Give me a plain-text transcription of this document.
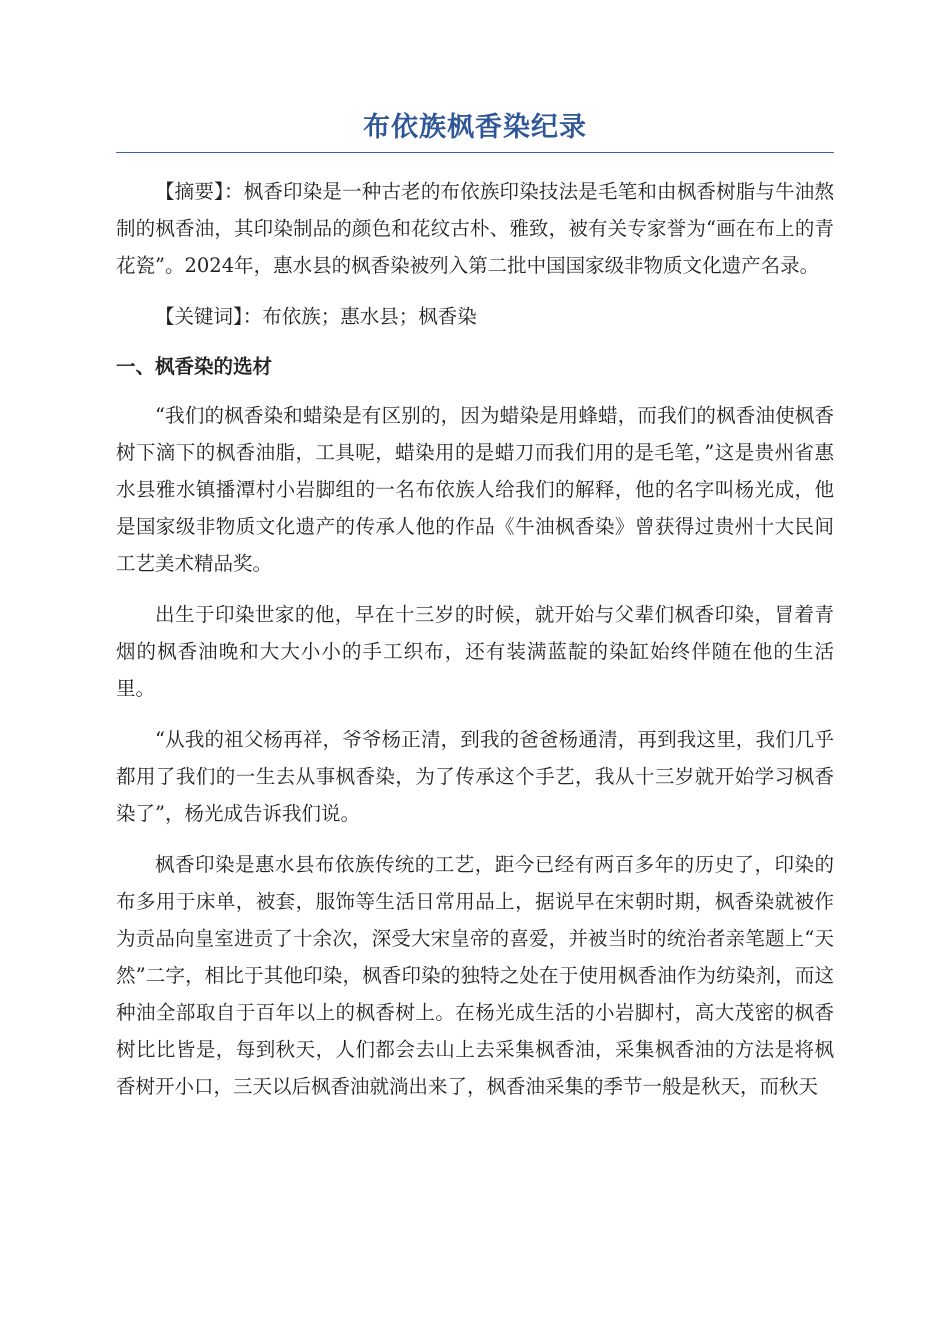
布依族枫香染纪录

【摘要】：枫香印染是一种古老的布依族印染技法是毛笔和由枫香树脂与牛油熬制的枫香油，其印染制品的颜色和花纹古朴、雅致，被有关专家誉为“画在布上的青花瓷”。2024年，惠水县的枫香染被列入第二批中国国家级非物质文化遗产名录。

【关键词】：布依族；惠水县；枫香染

一、枫香染的选材

“我们的枫香染和蜡染是有区别的，因为蜡染是用蜂蜡，而我们的枫香油使枫香树下滴下的枫香油脂，工具呢，蜡染用的是蜡刀而我们用的是毛笔，”这是贵州省惠水县雅水镇播潭村小岩脚组的一名布依族人给我们的解释，他的名字叫杨光成，他是国家级非物质文化遗产的传承人他的作品《牛油枫香染》曾获得过贵州十大民间工艺美术精品奖。

出生于印染世家的他，早在十三岁的时候，就开始与父辈们枫香印染，冒着青烟的枫香油晚和大大小小的手工织布，还有装满蓝靛的染缸始终伴随在他的生活里。

“从我的祖父杨再祥，爷爷杨正清，到我的爸爸杨通清，再到我这里，我们几乎都用了我们的一生去从事枫香染，为了传承这个手艺，我从十三岁就开始学习枫香染了”，杨光成告诉我们说。

枫香印染是惠水县布依族传统的工艺，距今已经有两百多年的历史了，印染的布多用于床单，被套，服饰等生活日常用品上，据说早在宋朝时期，枫香染就被作为贡品向皇室进贡了十余次，深受大宋皇帝的喜爱，并被当时的统治者亲笔题上“天然”二字，相比于其他印染，枫香印染的独特之处在于使用枫香油作为纺染剂，而这种油全部取自于百年以上的枫香树上。在杨光成生活的小岩脚村，高大茂密的枫香树比比皆是，每到秋天，人们都会去山上去采集枫香油，采集枫香油的方法是将枫香树开小口，三天以后枫香油就淌出来了，枫香油采集的季节一般是秋天，而秋天
